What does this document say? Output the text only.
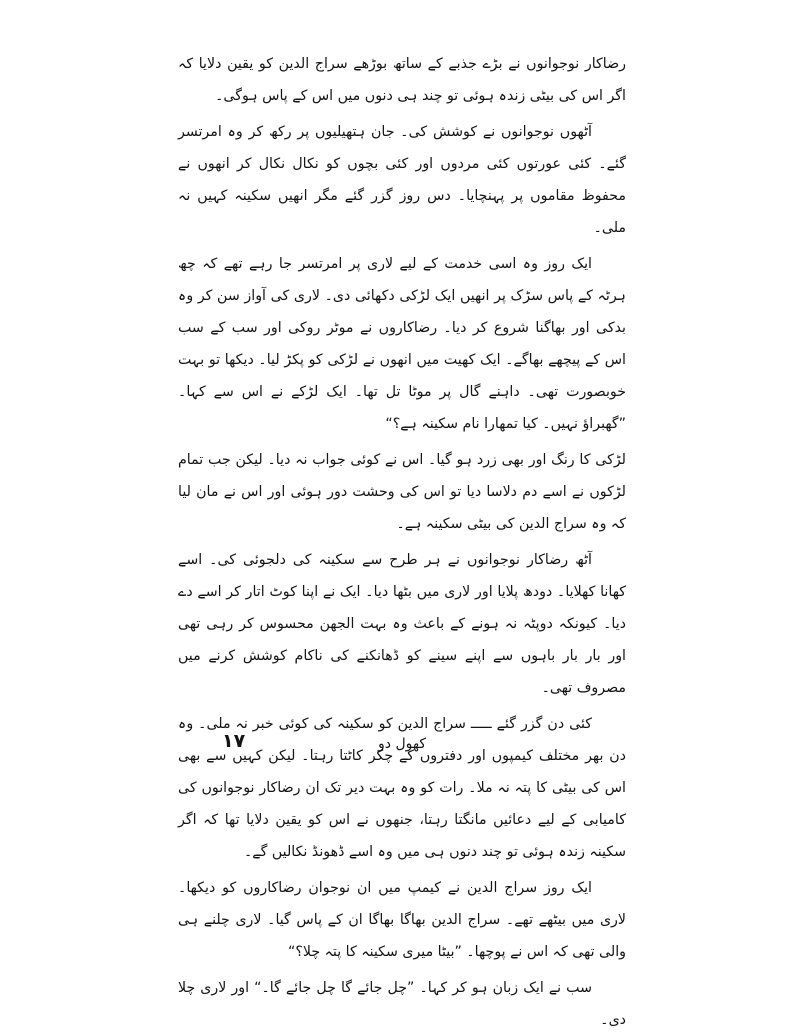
رضاکار نوجوانوں نے بڑے جذبے کے ساتھ بوڑھے سراج الدین کو یقین دلایا کہ اگر اس کی بیٹی زندہ ہوئی تو چند ہی دنوں میں اس کے پاس ہوگی۔

آٹھوں نوجوانوں نے کوشش کی۔ جان ہتھیلیوں پر رکھ کر وہ امرتسر گئے۔ کئی عورتوں کئی مردوں اور کئی بچوں کو نکال نکال کر انھوں نے محفوظ مقاموں پر پہنچایا۔ دس روز گزر گئے مگر انھیں سکینہ کہیں نہ ملی۔

ایک روز وہ اسی خدمت کے لیے لاری پر امرتسر جا رہے تھے کہ چھ ہرٹہ کے پاس سڑک پر انھیں ایک لڑکی دکھائی دی۔ لاری کی آواز سن کر وہ بدکی اور بھاگنا شروع کر دیا۔ رضاکاروں نے موٹر روکی اور سب کے سب اس کے پیچھے بھاگے۔ ایک کھیت میں انھوں نے لڑکی کو پکڑ لیا۔ دیکھا تو بہت خوبصورت تھی۔ داہنے گال پر موٹا تل تھا۔ ایک لڑکے نے اس سے کہا۔ ”گھبراؤ نہیں۔ کیا تمھارا نام سکینہ ہے؟“

لڑکی کا رنگ اور بھی زرد ہو گیا۔ اس نے کوئی جواب نہ دیا۔ لیکن جب تمام لڑکوں نے اسے دم دلاسا دیا تو اس کی وحشت دور ہوئی اور اس نے مان لیا کہ وہ سراج الدین کی بیٹی سکینہ ہے۔

آٹھ رضاکار نوجوانوں نے ہر طرح سے سکینہ کی دلجوئی کی۔ اسے کھانا کھلایا۔ دودھ پلایا اور لاری میں بٹھا دیا۔ ایک نے اپنا کوٹ اتار کر اسے دے دیا۔ کیونکہ دوپٹہ نہ ہونے کے باعث وہ بہت الجھن محسوس کر رہی تھی اور بار بار باہوں سے اپنے سینے کو ڈھانکنے کی ناکام کوشش کرنے میں مصروف تھی۔

کئی دن گزر گئے ـــــ سراج الدین کو سکینہ کی کوئی خبر نہ ملی۔ وہ دن بھر مختلف کیمپوں اور دفتروں کے چکر کاٹتا رہتا۔ لیکن کہیں سے بھی اس کی بیٹی کا پتہ نہ ملا۔ رات کو وہ بہت دیر تک ان رضاکار نوجوانوں کی کامیابی کے لیے دعائیں مانگتا رہتا، جنھوں نے اس کو یقین دلایا تھا کہ اگر سکینہ زندہ ہوئی تو چند دنوں ہی میں وہ اسے ڈھونڈ نکالیں گے۔

ایک روز سراج الدین نے کیمپ میں ان نوجوان رضاکاروں کو دیکھا۔ لاری میں بیٹھے تھے۔ سراج الدین بھاگا بھاگا ان کے پاس گیا۔ لاری چلنے ہی والی تھی کہ اس نے پوچھا۔ ”بیٹا میری سکینہ کا پتہ چلا؟“

سب نے ایک زبان ہو کر کہا۔ ”چل جائے گا چل جائے گا۔“ اور لاری چلا دی۔

۱۷	کھول دو
